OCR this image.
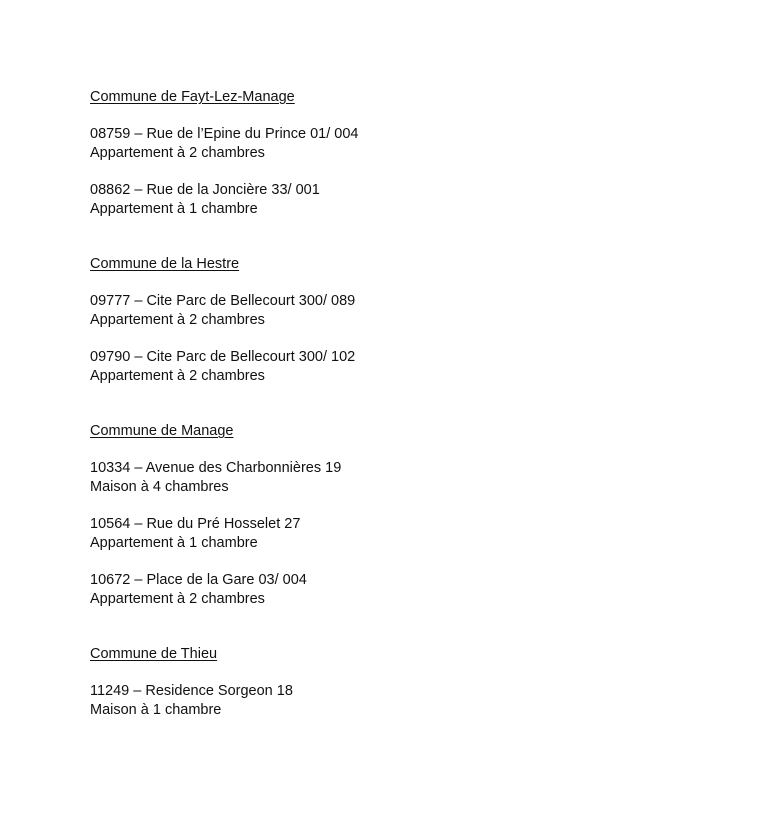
Commune de Fayt-Lez-Manage
08759 – Rue de l’Epine du Prince 01/ 004
Appartement à 2 chambres
08862 – Rue de la Joncière 33/ 001
Appartement à 1 chambre
Commune de la Hestre
09777 – Cite Parc de Bellecourt 300/ 089
Appartement à 2 chambres
09790 – Cite Parc de Bellecourt 300/ 102
Appartement à 2 chambres
Commune de Manage
10334 – Avenue des Charbonnières 19
Maison à 4 chambres
10564 – Rue du Pré Hosselet 27
Appartement à 1 chambre
10672 – Place de la Gare 03/ 004
Appartement à 2 chambres
Commune de Thieu
11249 – Residence Sorgeon 18
Maison à 1 chambre
